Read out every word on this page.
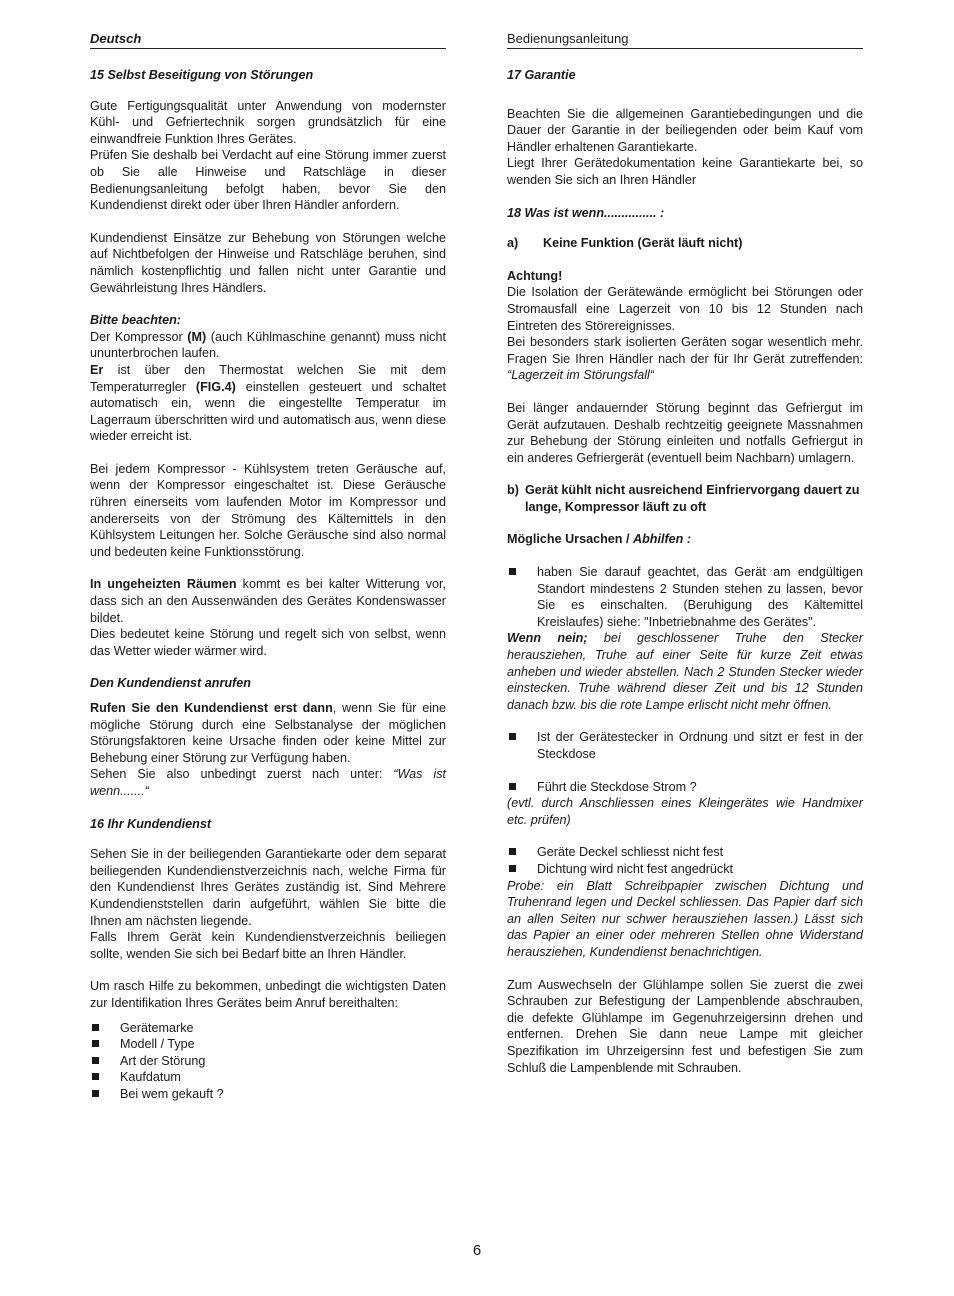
Deutsch

15 Selbst Beseitigung von Störungen

Gute Fertigungsqualität unter Anwendung von modernster Kühl- und Gefriertechnik sorgen grundsätzlich für eine einwandfreie Funktion Ihres Gerätes.

Prüfen Sie deshalb bei Verdacht auf eine Störung immer zuerst ob Sie alle Hinweise und Ratschläge in dieser Bedienungsanleitung befolgt haben, bevor Sie den Kundendienst direkt oder über Ihren Händler anfordern.

Kundendienst Einsätze zur Behebung von Störungen welche auf Nichtbefolgen der Hinweise und Ratschläge beruhen, sind nämlich kostenpflichtig und fallen nicht unter Garantie und Gewährleistung Ihres Händlers.

Bitte beachten:

Der Kompressor (M) (auch Kühlmaschine genannt) muss nicht ununterbrochen laufen.

Er ist über den Thermostat welchen Sie mit dem Temperaturregler (FIG.4) einstellen gesteuert und schaltet automatisch ein, wenn die eingestellte Temperatur im Lagerraum überschritten wird und automatisch aus, wenn diese wieder erreicht ist.

Bei jedem Kompressor - Kühlsystem treten Geräusche auf, wenn der Kompressor eingeschaltet ist. Diese Geräusche rühren einerseits vom laufenden Motor im Kompressor und andererseits von der Strömung des Kältemittels in den Kühlsystem Leitungen her. Solche Geräusche sind also normal und bedeuten keine Funktionsstörung.

In ungeheizten Räumen kommt es bei kalter Witterung vor, dass sich an den Aussenwänden des Gerätes Kondenswasser bildet.

Dies bedeutet keine Störung und regelt sich von selbst, wenn das Wetter wieder wärmer wird.

Den Kundendienst anrufen

Rufen Sie den Kundendienst erst dann, wenn Sie für eine mögliche Störung durch eine Selbstanalyse der möglichen Störungsfaktoren keine Ursache finden oder keine Mittel zur Behebung einer Störung zur Verfügung haben.

Sehen Sie also unbedingt zuerst nach unter: “Was ist wenn.......“

16 Ihr Kundendienst

Sehen Sie in der beiliegenden Garantiekarte oder dem separat beiliegenden Kundendienstverzeichnis nach, welche Firma für den Kundendienst Ihres Gerätes zuständig ist. Sind Mehrere Kundendienststellen darin aufgeführt, wählen Sie bitte die Ihnen am nächsten liegende.

Falls Ihrem Gerät kein Kundendienstverzeichnis beiliegen sollte, wenden Sie sich bei Bedarf bitte an Ihren Händler.

Um rasch Hilfe zu bekommen, unbedingt die wichtigsten Daten zur Identifikation Ihres Gerätes beim Anruf bereithalten:

Gerätemarke
Modell / Type
Art der Störung
Kaufdatum
Bei wem gekauft ?
Bedienungsanleitung

17 Garantie

Beachten Sie die allgemeinen Garantiebedingungen und die Dauer der Garantie in der beiliegenden oder beim Kauf vom Händler erhaltenen Garantiekarte.

Liegt Ihrer Gerätedokumentation keine Garantiekarte bei, so wenden Sie sich an Ihren Händler

18 Was ist wenn............... :

a)	Keine Funktion (Gerät läuft nicht)

Achtung!

Die Isolation der Gerätewände ermöglicht bei Störungen oder Stromausfall eine Lagerzeit von 10 bis 12 Stunden nach Eintreten des Störereignisses.

Bei besonders stark isolierten Geräten sogar wesentlich mehr. Fragen Sie Ihren Händler nach der für Ihr Gerät zutreffenden: “Lagerzeit im Störungsfall“

Bei länger andauernder Störung beginnt das Gefriergut im Gerät aufzutauen. Deshalb rechtzeitig geeignete Massnahmen zur Behebung der Störung einleiten und notfalls Gefriergut in ein anderes Gefriergerät (eventuell beim Nachbarn) umlagern.

b) Gerät kühlt nicht ausreichend Einfriervorgang dauert zu lange, Kompressor läuft zu oft

Mögliche Ursachen / Abhilfen :

haben Sie darauf geachtet, das Gerät am endgültigen Standort mindestens 2 Stunden stehen zu lassen, bevor Sie es einschalten. (Beruhigung des Kältemittel Kreislaufes) siehe: "Inbetriebnahme des Gerätes".

Wenn nein; bei geschlossener Truhe den Stecker herausziehen, Truhe auf einer Seite für kurze Zeit etwas anheben und wieder abstellen. Nach 2 Stunden Stecker wieder einstecken. Truhe während dieser Zeit und bis 12 Stunden danach bzw. bis die rote Lampe erlischt nicht mehr öffnen.

Ist der Gerätestecker in Ordnung und sitzt er fest in der Steckdose
Führt die Steckdose Strom ?

(evtl. durch Anschliessen eines Kleingerätes wie Handmixer etc. prüfen)

Geräte Deckel schliesst nicht fest
Dichtung wird nicht fest angedrückt

Probe: ein Blatt Schreibpapier zwischen Dichtung und Truhenrand legen und Deckel schliessen. Das Papier darf sich an allen Seiten nur schwer herausziehen lassen.) Lässt sich das Papier an einer oder mehreren Stellen ohne Widerstand herausziehen, Kundendienst benachrichtigen.

Zum Auswechseln der Glühlampe sollen Sie zuerst die zwei Schrauben zur Befestigung der Lampenblende abschrauben, die defekte Glühlampe im Gegenuhrzeigersinn drehen und entfernen. Drehen Sie dann neue Lampe mit gleicher Spezifikation im Uhrzeigersinn fest und befestigen Sie zum Schluß die Lampenblende mit Schrauben.

6
